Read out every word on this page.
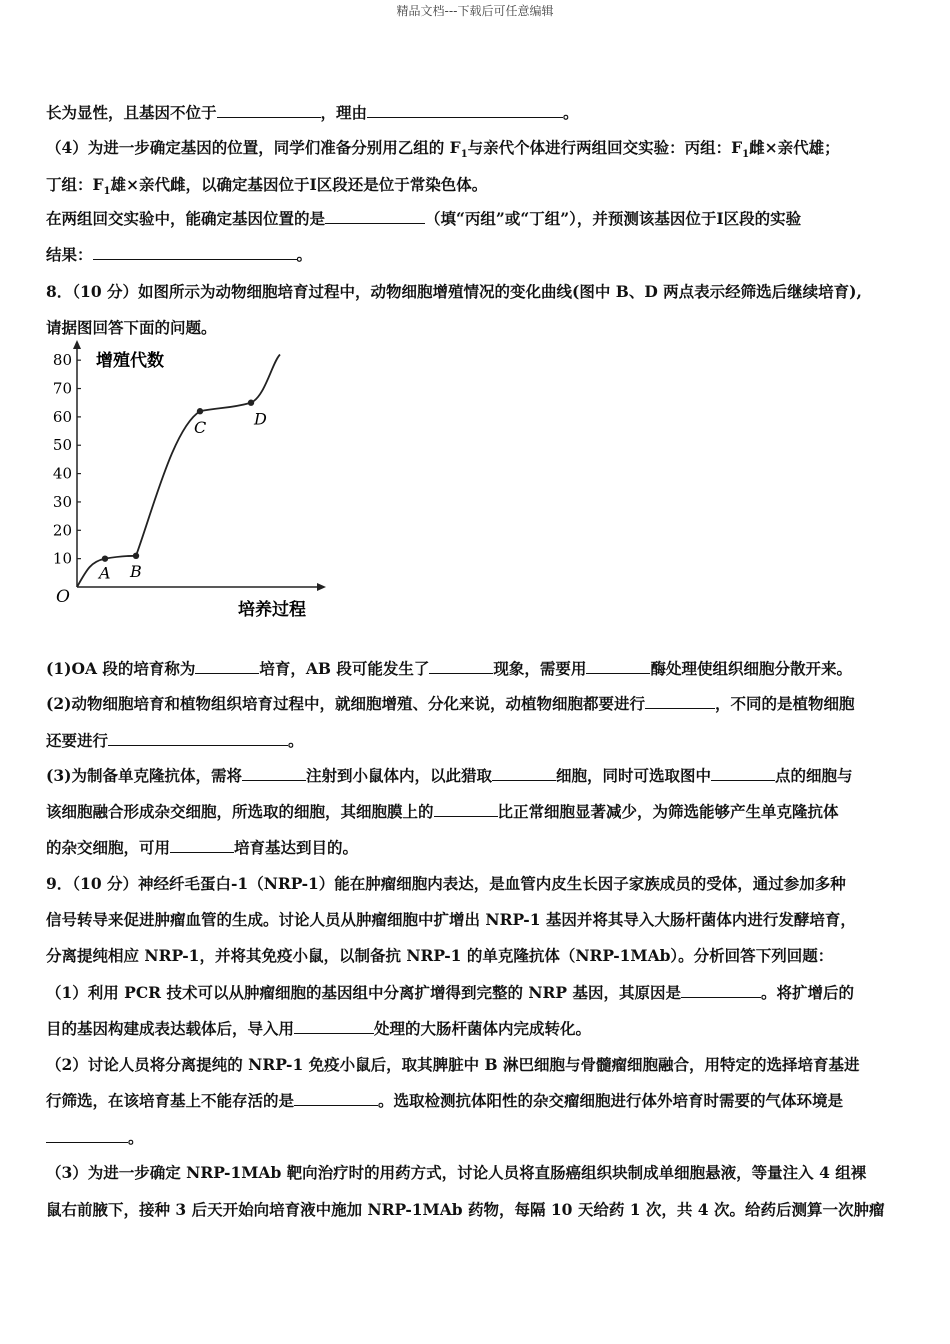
精品文档---下载后可任意编辑
长为显性，且基因不位于	，理由	。
（4）为进一步确定基因的位置，同学们准备分别用乙组的 $F_1$与亲代个体进行两组回交实验：丙组：$F_1$雌×亲代雄；
丁组：$F_1$雄×亲代雌，以确定基因位于Ⅰ区段还是位于常染色体。
在两组回交实验中，能确定基因位置的是	（填“丙组”或“丁组”），并预测该基因位于Ⅰ区段的实验
结果：	。
8．（10 分）如图所示为动物细胞培育过程中，动物细胞增殖情况的变化曲线(图中 B、D 两点表示经筛选后继续培育),
请据图回答下面的问题。
10
20
30
40
50
60
70
80
A B
C	D
增殖代数
培养过程
O
(1)OA 段的培育称为	培育，AB 段可能发生了	现象，需要用	酶处理使组织细胞分散开来。
(2)动物细胞培育和植物组织培育过程中，就细胞增殖、分化来说，动植物细胞都要进行	，不同的是植物细胞
还要进行	。
(3)为制备单克隆抗体，需将	注射到小鼠体内，以此猎取	细胞，同时可选取图中	点的细胞与
该细胞融合形成杂交细胞，所选取的细胞，其细胞膜上的	比正常细胞显著减少，为筛选能够产生单克隆抗体
的杂交细胞，可用	培育基达到目的。
9．（10 分）神经纤毛蛋白-1（NRP-1）能在肿瘤细胞内表达，是血管内皮生长因子家族成员的受体，通过参加多种
信号转导来促进肿瘤血管的生成。讨论人员从肿瘤细胞中扩增出 NRP-1 基因并将其导入大肠杆菌体内进行发酵培育，
分离提纯相应 NRP-1，并将其免疫小鼠，以制备抗 NRP-1 的单克隆抗体（NRP-1MAb）。分析回答下列回题：
（1）利用 PCR 技术可以从肿瘤细胞的基因组中分离扩增得到完整的 NRP 基因，其原因是	。将扩增后的
目的基因构建成表达载体后，导入用	处理的大肠杆菌体内完成转化。
（2）讨论人员将分离提纯的 NRP-1 免疫小鼠后，取其脾脏中 B 淋巴细胞与骨髓瘤细胞融合，用特定的选择培育基进
行筛选，在该培育基上不能存活的是	。选取检测抗体阳性的杂交瘤细胞进行体外培育时需要的气体环境是
。
（3）为进一步确定 NRP-1MAb 靶向治疗时的用药方式，讨论人员将直肠癌组织块制成单细胞悬液，等量注入 4 组裸
鼠右前腋下，接种 3 后天开始向培育液中施加 NRP-1MAb 药物，每隔 10 天给药 1 次，共 4 次。给药后测算一次肿瘤
